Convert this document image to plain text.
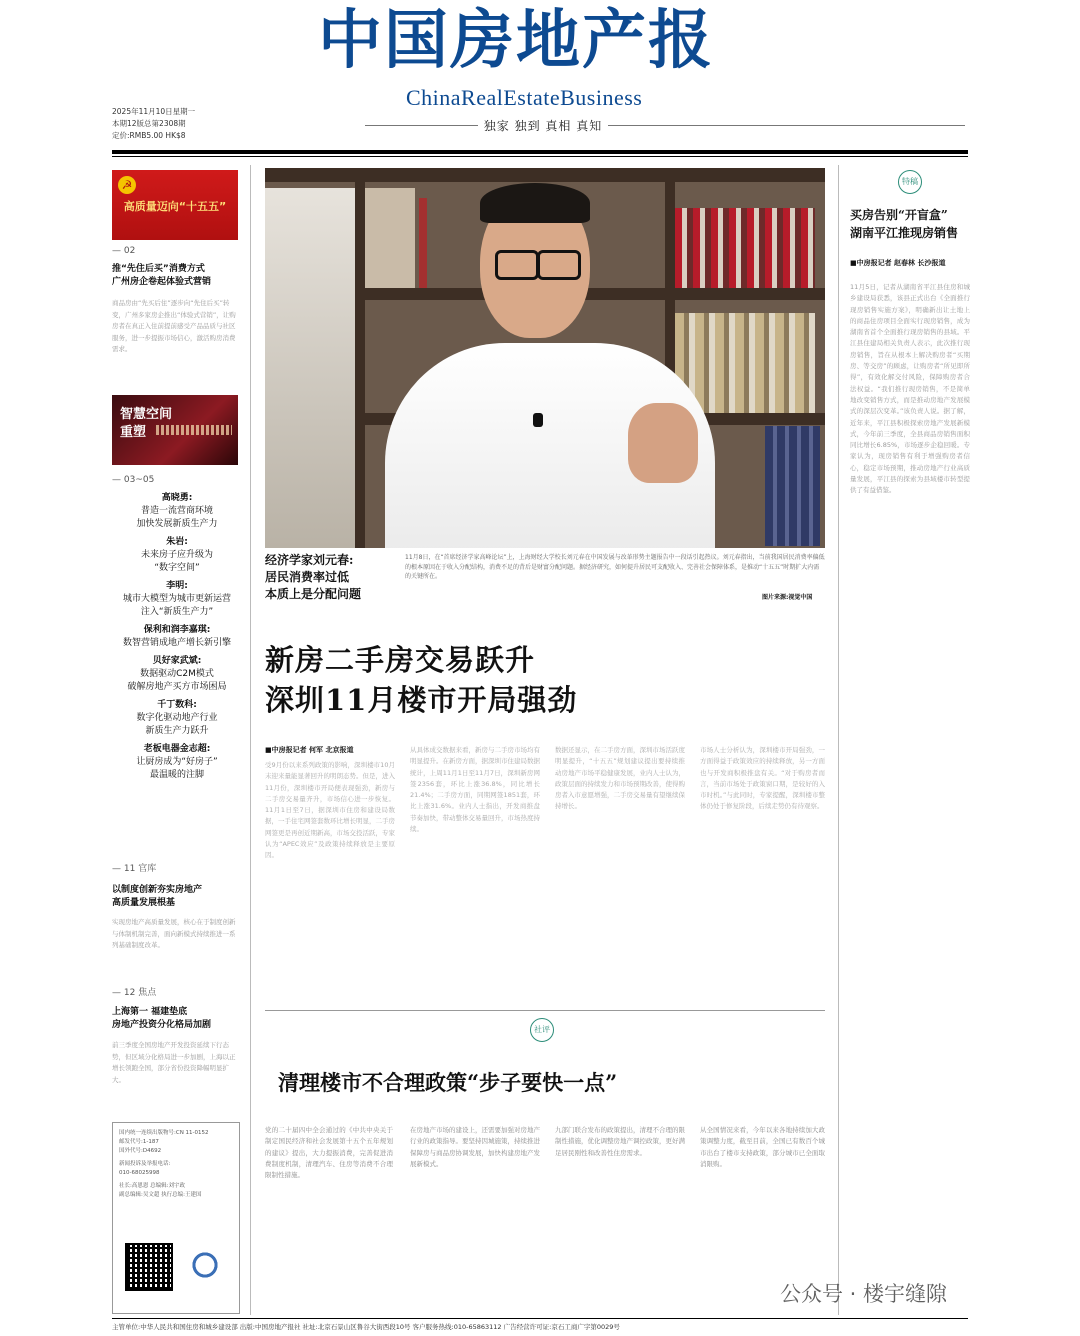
中国房地产报
ChinaRealEstateBusiness
独家 独到 真相 真知
2025年11月10日星期一
本期12版总第2308期
定价:RMB5.00 HK$8
☭
高质量迈向“十五五”
— 02
推“先住后买”消费方式
广州房企卷起体验式营销
商品房由“先买后住”逐步向“先住后买”转变，广州多家房企推出“体验式营销”，让购房者在真正入住前提前感受产品品质与社区服务，进一步提振市场信心，激活购房消费需求。
智慧空间
重塑
— 03~05
高晓勇:
普造一流营商环境
加快发展新质生产力
朱岩:
未来房子应升级为
“数字空间”
李明:
城市大模型为城市更新运营
注入“新质生产力”
保利和润李嘉琪:
数智营销成地产增长新引擎
贝好家武斌:
数据驱动C2M模式
破解房地产买方市场困局
千丁数科:
数字化驱动地产行业
新质生产力跃升
老板电器金志超:
让厨房成为“好房子”
最温暖的注脚
— 11 官库
以制度创新夯实房地产
高质量发展根基
实现房地产高质量发展，核心在于制度创新与体制机制完善，面向新模式持续推进一系列基础制度改革。
— 12 焦点
上海第一 福建垫底
房地产投资分化格局加剧
前三季度全国房地产开发投资延续下行态势，但区域分化格局进一步加剧，上海以正增长领跑全国，部分省份投资降幅明显扩大。
国内统一连续出版物号:CN 11-0152
邮发代号:1-187
国外代号:D4692
新闻投诉及举报电话:
010-68025998
社长:高恩恩 总编辑:刘宇政
副总编辑:吴文超 执行总编:王建国
经济学家刘元春:
居民消费率过低
本质上是分配问题
11月8日，在“首席经济学家高峰论坛”上，上海财经大学校长刘元春在中国发展与改革形势主题报告中一段话引起热议。刘元春指出，当前我国居民消费率偏低的根本原因在于收入分配结构，消费不足的背后是财富分配问题。据经济研究，如何提升居民可支配收入、完善社会保障体系，是推动“十五五”时期扩大内需的关键所在。
图片来源:视觉中国
新房二手房交易跃升
深圳11月楼市开局强劲
■中房报记者 何军 北京报道
受9月份以来系列政策的影响，深圳楼市10月末迎来量能显著回升的明朗态势。但是，进入11月份，深圳楼市开局便表现强劲，新房与二手房交易量齐升，市场信心进一步恢复。11月1日至7日，据深圳市住房和建设局数据，一手住宅网签套数环比增长明显，二手房网签更是再创近期新高，市场交投活跃，专家认为“APEC效应”及政策持续释放是主要原因。
从具体成交数据来看，新房与二手房市场均有明显提升。在新房方面，据深圳市住建局数据统计，上周11月1日至11月7日，深圳新房网签2356套，环比上涨36.8%，同比增长21.4%；二手房方面，同期网签1851套，环比上涨31.6%。业内人士指出，开发商推盘节奏加快，带动整体交易量回升，市场热度持续。
数据还显示，在二手房方面，深圳市场活跃度明显提升，“十五五”规划建议提出要持续推动房地产市场平稳健康发展，业内人士认为，政策层面的持续发力和市场预期改善，使得购房者入市意愿增强，二手房交易量有望继续保持增长。
市场人士分析认为，深圳楼市开局强劲，一方面得益于政策效应的持续释放，另一方面也与开发商积极推盘有关。“对于购房者而言，当前市场处于政策窗口期，是较好的入市时机。”与此同时，专家提醒，深圳楼市整体仍处于修复阶段，后续走势仍有待观察。
社评
清理楼市不合理政策“步子要快一点”
党的二十届四中全会通过的《中共中央关于制定国民经济和社会发展第十五个五年规划的建议》提出，大力提振消费，完善促进消费制度机制，清理汽车、住房等消费不合理限制性措施。
在房地产市场的建设上，还需要加强对房地产行业的政策指导。要坚持因城施策，持续推进保障房与商品房协调发展，加快构建房地产发展新模式。
九部门联合发布的政策提出，清理不合理的限制性措施，优化调整房地产调控政策，更好满足居民刚性和改善性住房需求。
从全国情况来看，今年以来各地持续加大政策调整力度，截至目前，全国已有数百个城市出台了楼市支持政策，部分城市已全面取消限购。
特稿
买房告别“开盲盒”
湖南平江推现房销售
■中房报记者 赵春林 长沙报道
11月5日，记者从湖南省平江县住房和城乡建设局获悉，该县正式出台《全面推行现房销售实施方案》，明确新出让土地上的商品住房项目全面实行现房销售，成为湖南省首个全面推行现房销售的县域。平江县住建局相关负责人表示，此次推行现房销售，旨在从根本上解决购房者“买期房、等交房”的顾虑，让购房者“所见即所得”，有效化解交付风险，保障购房者合法权益。“我们推行现房销售，不是简单地改变销售方式，而是推动房地产发展模式的深层次变革。”该负责人说。据了解，近年来，平江县积极探索房地产发展新模式，今年前三季度，全县商品房销售面积同比增长6.85%，市场逐步企稳回暖。专家认为，现房销售有利于增强购房者信心，稳定市场预期，推动房地产行业高质量发展，平江县的探索为县域楼市转型提供了有益借鉴。
主管单位:中华人民共和国住房和城乡建设部 出版:中国房地产报社 社址:北京石景山区鲁谷大街西段10号 客户服务热线:010-65863112 广告经营许可证:京石工商广字第0029号
公众号 · 楼宇缝隙
